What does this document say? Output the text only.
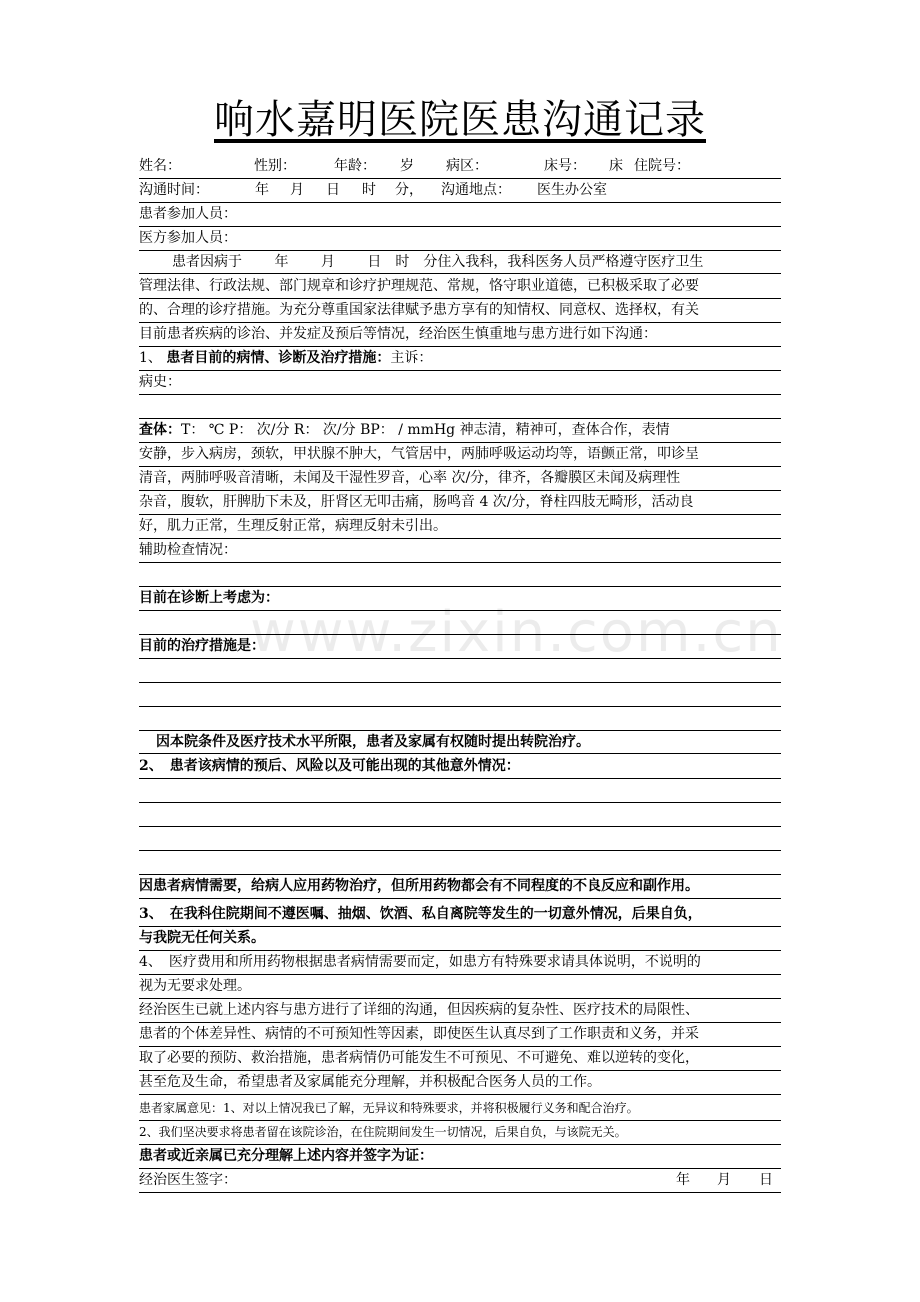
www.zixin.com.cn
响水嘉明医院医患沟通记录
姓名：	性别：	年龄： 岁 病区：	床号： 床 住院号：
沟通时间：	年 月 日 时 分， 沟通地点： 医生办公室
患者参加人员：
医方参加人员：
患者因病于　　 年　　 月　　 日　时　分住入我科，我科医务人员严格遵守医疗卫生
管理法律、行政法规、部门规章和诊疗护理规范、常规，恪守职业道德，已积极采取了必要
的、合理的诊疗措施。为充分尊重国家法律赋予患方享有的知情权、同意权、选择权，有关
目前患者疾病的诊治、并发症及预后等情况，经治医生慎重地与患方进行如下沟通：
1、 患者目前的病情、诊断及治疗措施：主诉：
病史：
查体：T： ℃ P： 次/分 R： 次/分 BP： / mmHg 神志清，精神可，查体合作，表情
安静，步入病房，颈软，甲状腺不肿大，气管居中，两肺呼吸运动均等，语颤正常，叩诊呈
清音，两肺呼吸音清晰，未闻及干湿性罗音，心率 次/分，律齐，各瓣膜区未闻及病理性
杂音，腹软，肝脾肋下未及，肝肾区无叩击痛，肠鸣音 4 次/分，脊柱四肢无畸形，活动良
好，肌力正常，生理反射正常，病理反射未引出。
辅助检查情况：
目前在诊断上考虑为：
目前的治疗措施是：
因本院条件及医疗技术水平所限，患者及家属有权随时提出转院治疗。
2、　 患者该病情的预后、风险以及可能出现的其他意外情况：
因患者病情需要，给病人应用药物治疗，但所用药物都会有不同程度的不良反应和副作用。
3、　在我科住院期间不遵医嘱、抽烟、饮酒、私自离院等发生的一切意外情况，后果自负，
与我院无任何关系。
4、　医疗费用和所用药物根据患者病情需要而定，如患方有特殊要求请具体说明，不说明的
视为无要求处理。
经治医生已就上述内容与患方进行了详细的沟通，但因疾病的复杂性、医疗技术的局限性、
患者的个体差异性、病情的不可预知性等因素，即使医生认真尽到了工作职责和义务，并采
取了必要的预防、救治措施，患者病情仍可能发生不可预见、不可避免、难以逆转的变化，
甚至危及生命，希望患者及家属能充分理解，并积极配合医务人员的工作。
患者家属意见：1、对以上情况我已了解，无异议和特殊要求，并将积极履行义务和配合治疗。
2、我们坚决要求将患者留在该院诊治，在住院期间发生一切情况，后果自负，与该院无关。
患者或近亲属已充分理解上述内容并签字为证：
经治医生签字：	年 月 日
